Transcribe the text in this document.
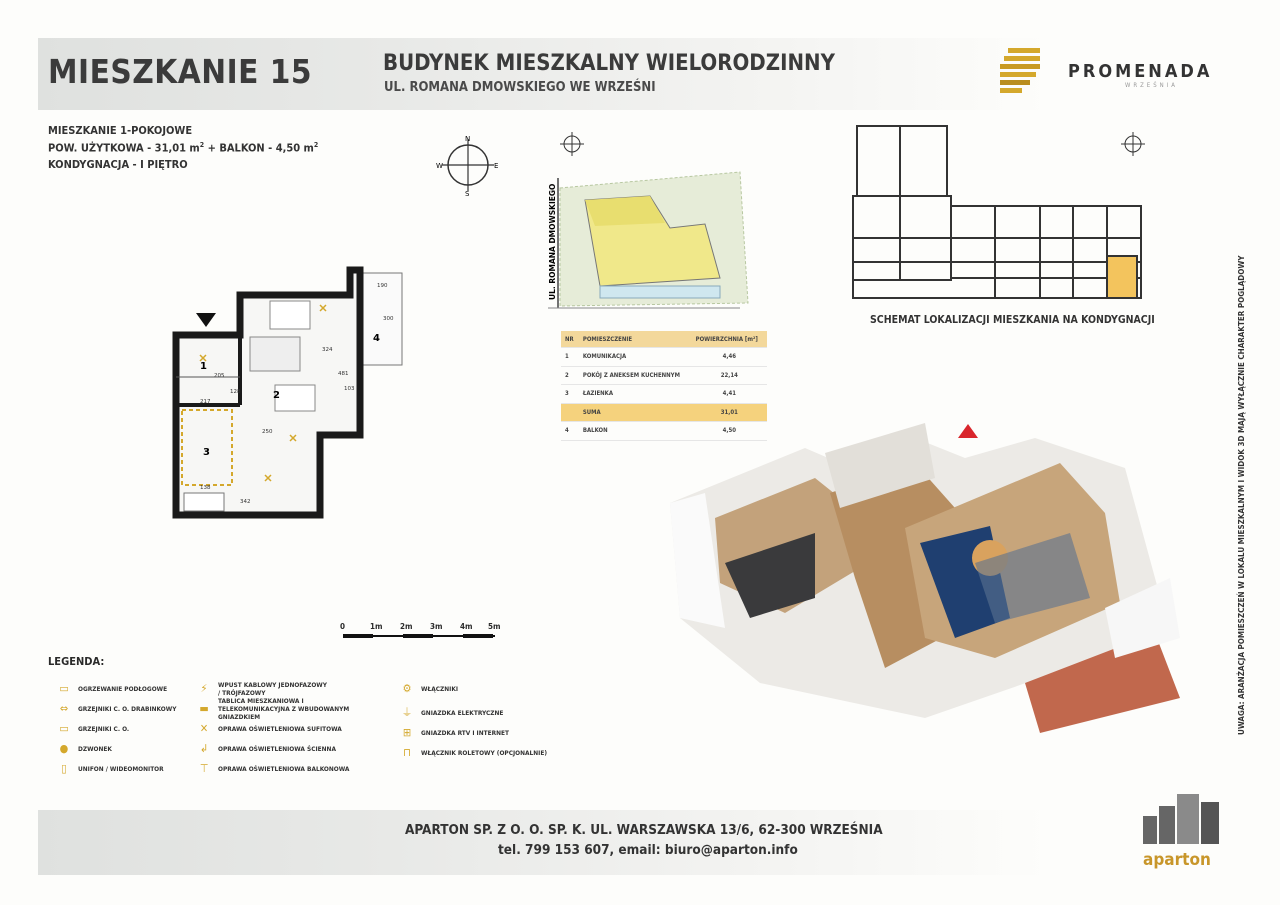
MIESZKANIE 15	BUDYNEK MIESZKALNY WIELORODZINNY
UL. ROMANA DMOWSKIEGO WE WRZEŚNI
PROMENADA
WRZEŚNIA
MIESZKANIE 1-POKOJOWE
POW. UŻYTKOWA - 31,01 $m^2$ + BALKON - 4,50 $m^2$
KONDYGNACJA - I PIĘTRO
N
S
W	E
UL. ROMANA DMOWSKIEGO
NR	POMIESZCZENIE	POWIERZCHNIA [m²]
1	KOMUNIKACJA	4,46
2	POKÓJ Z ANEKSEM KUCHENNYM	22,14
3	ŁAZIENKA	4,41
	SUMA	31,01
4	BALKON	4,50
SCHEMAT LOKALIZACJI MIESZKANIA NA KONDYGNACJI
1
2
3
4
190
300
324
481
217
250
205
138
342
103
128
0	1m 2m 3m 4m 5m
LEGENDA:
▭	OGRZEWANIE PODŁOGOWE
⇔	GRZEJNIKI C. O. DRABINKOWY
▭	GRZEJNIKI C. O.
●	DZWONEK
▯	UNIFON / WIDEOMONITOR
⚡	WPUST KABLOWY JEDNOFAZOWY / TRÓJFAZOWY
▬
TABLICA MIESZKANIOWA I TELEKOMUNIKACYJNA Z WBUDOWANYM GNIAZDKIEM
✕	OPRAWA OŚWIETLENIOWA SUFITOWA
↲	OPRAWA OŚWIETLENIOWA ŚCIENNA
⊤	OPRAWA OŚWIETLENIOWA BALKONOWA
⚙	WŁĄCZNIKI
⏚	GNIAZDKA ELEKTRYCZNE
⊞	GNIAZDKA RTV I INTERNET
⊓	WŁĄCZNIK ROLETOWY (OPCJONALNIE)
APARTON SP. Z O. O. SP. K. UL. WARSZAWSKA 13/6, 62-300 WRZEŚNIA
tel. 799 153 607, email: biuro@aparton.info	aparton
UWAGA: ARANŻACJA POMIESZCZEŃ W LOKALU MIESZKALNYM I WIDOK 3D MAJĄ WYŁĄCZNIE CHARAKTER POGLĄDOWY
